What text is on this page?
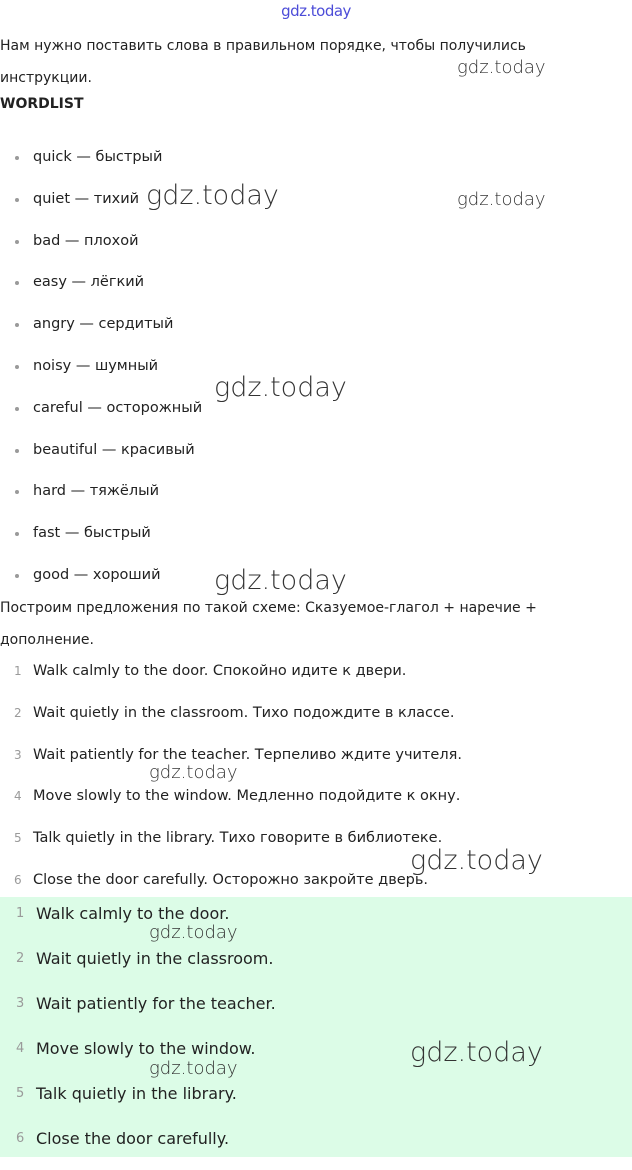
gdz.today

Нам нужно поставить слова в правильном порядке, чтобы получились инструкции.

WORDLIST

quick — быстрый
quiet — тихий
bad — плохой
easy — лёгкий
angry — сердитый
noisy — шумный
careful — осторожный
beautiful — красивый
hard — тяжёлый
fast — быстрый
good — хороший

Построим предложения по такой схеме: Сказуемое-глагол + наречие + дополнение.

1 Walk calmly to the door. Спокойно идите к двери.
2 Wait quietly in the classroom. Тихо подождите в классе.
3 Wait patiently for the teacher. Терпеливо ждите учителя.
4 Move slowly to the window. Медленно подойдите к окну.
5 Talk quietly in the library. Тихо говорите в библиотеке.
6 Close the door carefully. Осторожно закройте дверь.
1 Walk calmly to the door.
2 Wait quietly in the classroom.
3 Wait patiently for the teacher.
4 Move slowly to the window.
5 Talk quietly in the library.
6 Close the door carefully.
gdz.today
gdz.today	gdz.today
gdz.today
gdz.today
gdz.today
gdz.today
gdz.today
gdz.today
gdz.today
